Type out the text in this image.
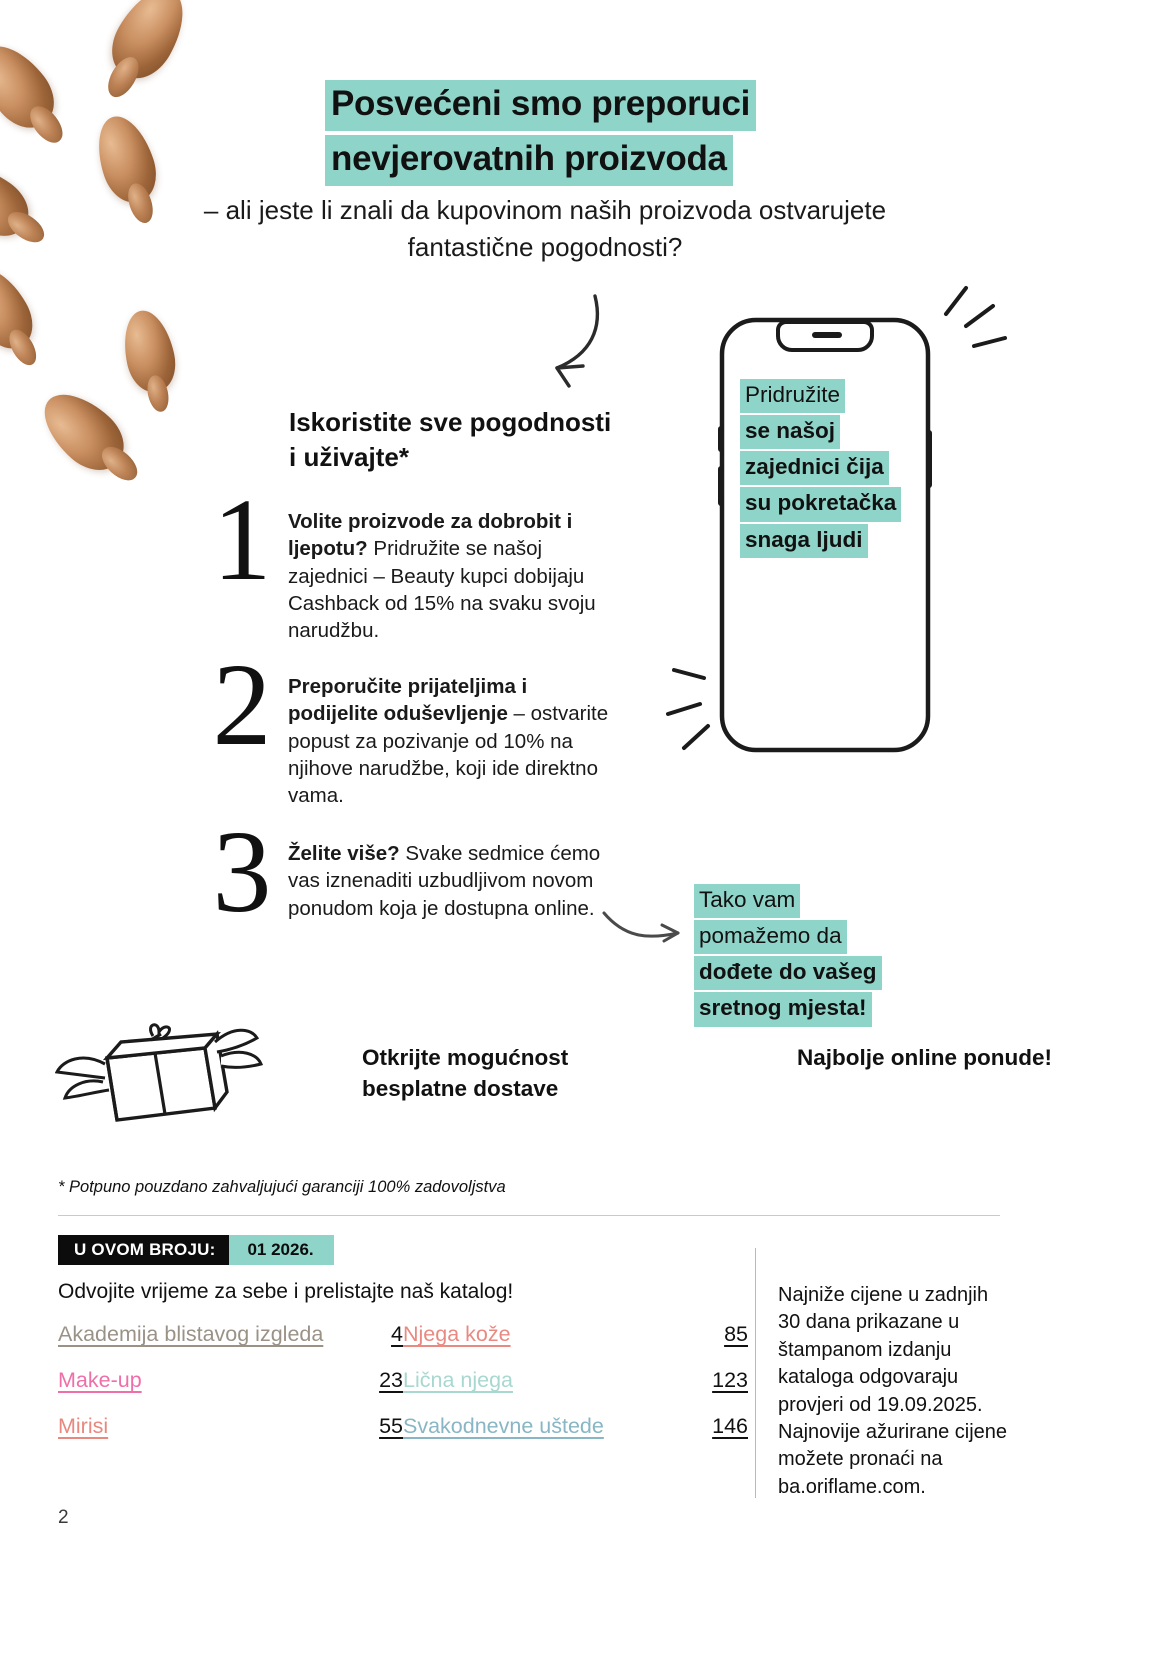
Posvećeni smo preporuci
nevjerovatnih proizvoda
– ali jeste li znali da kupovinom naših proizvoda ostvarujete fantastične pogodnosti?
Iskoristite sve pogodnosti i uživajte*
1 Volite proizvode za dobrobit i ljepotu? Pridružite se našoj zajednici – Beauty kupci dobijaju Cashback od 15% na svaku svoju narudžbu.
2 Preporučite prijateljima i podijelite oduševljenje – ostvarite popust za pozivanje od 10% na njihove narudžbe, koji ide direktno vama.
3 Želite više? Svake sedmice ćemo vas iznenaditi uzbudljivom novom ponudom koja je dostupna online.
Pridružite
se našoj
zajednici čija
su pokretačka
snaga ljudi
Tako vam
pomažemo da
dođete do vašeg
sretnog mjesta!
Otkrijte mogućnost besplatne dostave
Najbolje online ponude!
* Potpuno pouzdano zahvaljujući garanciji 100% zadovoljstva
U OVOM BROJU:	01 2026.
Odvojite vrijeme za sebe i prelistajte naš katalog!
Akademija blistavog izgleda	4 Njega kože	85
Make-up	23 Lična njega	123
Mirisi	55 Svakodnevne uštede	146
Najniže cijene u zadnjih 30 dana prikazane u štampanom izdanju kataloga odgovaraju provjeri od 19.09.2025. Najnovije ažurirane cijene možete pronaći na ba.oriflame.com.
2
